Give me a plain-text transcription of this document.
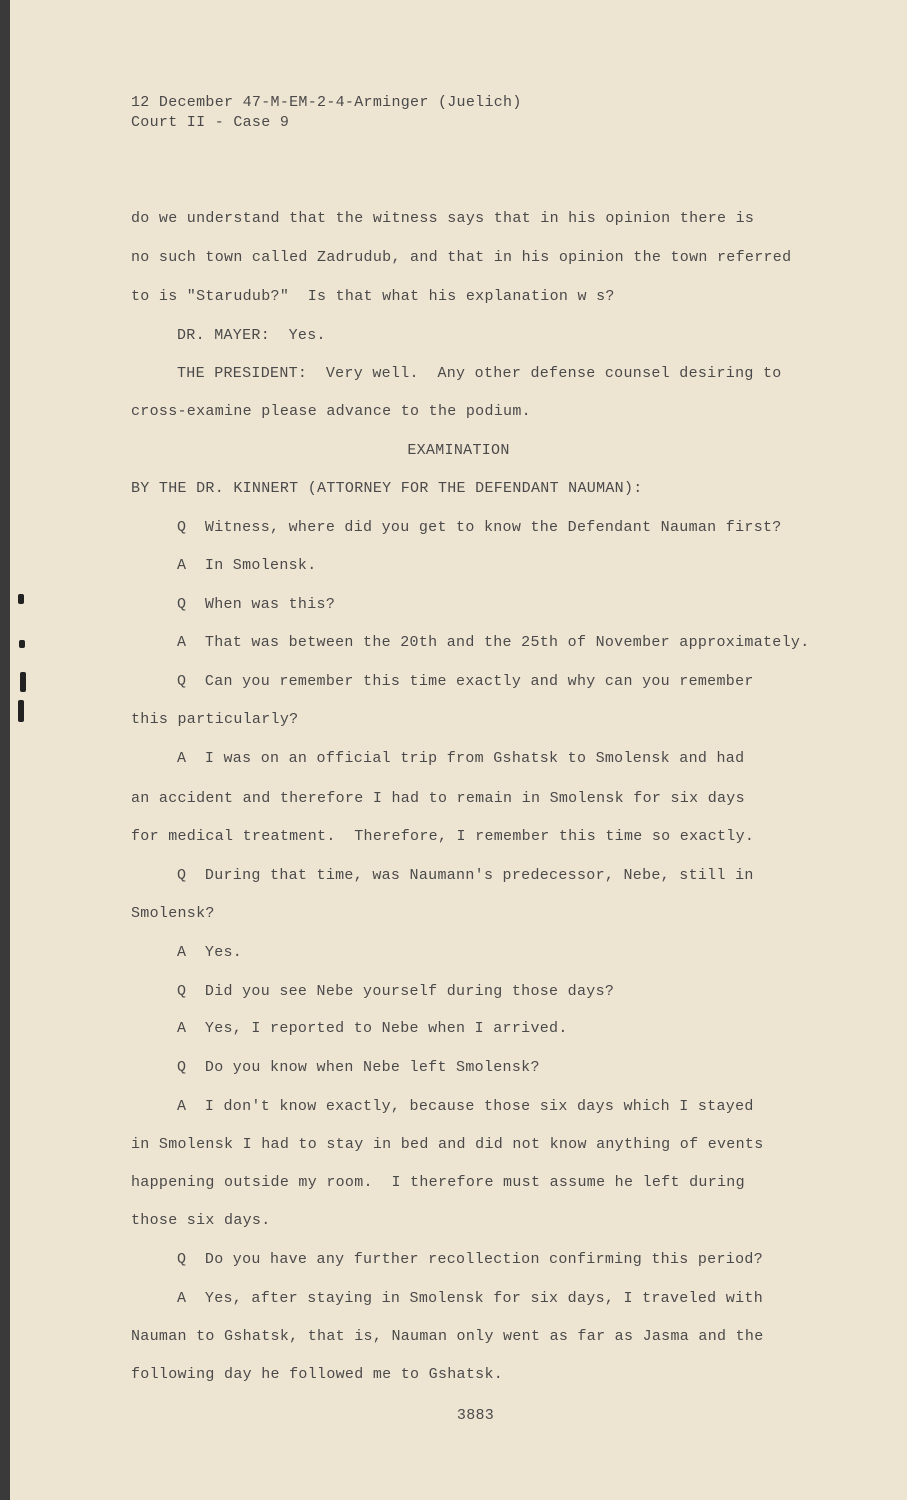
12 December 47-M-EM-2-4-Arminger (Juelich)
Court II - Case 9
do we understand that the witness says that in his opinion there is
no such town called Zadrudub, and that in his opinion the town referred
to is "Starudub?"  Is that what his explanation w s?
DR. MAYER:  Yes.
THE PRESIDENT:  Very well.  Any other defense counsel desiring to
cross-examine please advance to the podium.
EXAMINATION
BY THE DR. KINNERT (ATTORNEY FOR THE DEFENDANT NAUMAN):
Q  Witness, where did you get to know the Defendant Nauman first?
A  In Smolensk.
Q  When was this?
A  That was between the 20th and the 25th of November approximately.
Q  Can you remember this time exactly and why can you remember
this particularly?
A  I was on an official trip from Gshatsk to Smolensk and had
an accident and therefore I had to remain in Smolensk for six days
for medical treatment.  Therefore, I remember this time so exactly.
Q  During that time, was Naumann's predecessor, Nebe, still in
Smolensk?
A  Yes.
Q  Did you see Nebe yourself during those days?
A  Yes, I reported to Nebe when I arrived.
Q  Do you know when Nebe left Smolensk?
A  I don't know exactly, because those six days which I stayed
in Smolensk I had to stay in bed and did not know anything of events
happening outside my room.  I therefore must assume he left during
those six days.
Q  Do you have any further recollection confirming this period?
A  Yes, after staying in Smolensk for six days, I traveled with
Nauman to Gshatsk, that is, Nauman only went as far as Jasma and the
following day he followed me to Gshatsk.
3883
